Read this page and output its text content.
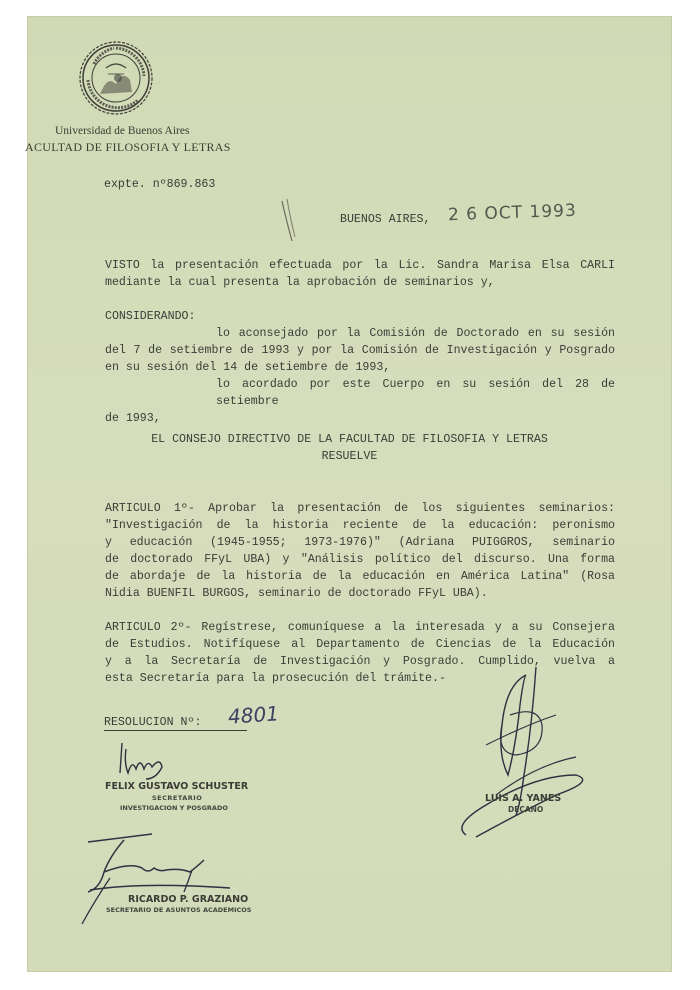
Universidad de Buenos Aires
ACULTAD DE FILOSOFIA Y LETRAS
expte. nº869.863
BUENOS AIRES, 2 6 OCT 1993
VISTO la presentación efectuada por la Lic. Sandra Marisa Elsa CARLI
mediante la cual presenta la aprobación de seminarios y,
CONSIDERANDO:
lo aconsejado por la Comisión de Doctorado en su sesión
del 7 de setiembre de 1993 y por la Comisión de Investigación y Posgrado
en su sesión del 14 de setiembre de 1993,
lo acordado por este Cuerpo en su sesión del 28 de setiembre
de 1993,
EL CONSEJO DIRECTIVO DE LA FACULTAD DE FILOSOFIA Y LETRAS
RESUELVE
ARTICULO 1º- Aprobar la presentación de los siguientes seminarios:
"Investigación de la historia reciente de la educación: peronismo
y educación (1945-1955; 1973-1976)" (Adriana PUIGGROS, seminario
de doctorado FFyL UBA) y "Análisis político del discurso. Una forma
de abordaje de la historia de la educación en América Latina" (Rosa
Nidia BUENFIL BURGOS, seminario de doctorado FFyL UBA).
ARTICULO 2º- Regístrese, comuníquese a la interesada y a su Consejera
de Estudios. Notifíquese al Departamento de Ciencias de la Educación
y a la Secretaría de Investigación y Posgrado. Cumplido, vuelva a
esta Secretaría para la prosecución del trámite.-
RESOLUCION Nº:	4801
FELIX GUSTAVO SCHUSTER
SECRETARIO
INVESTIGACION Y POSGRADO
RICARDO P. GRAZIANO
SECRETARIO DE ASUNTOS ACADEMICOS
LUIS A. YANES
DECANO
